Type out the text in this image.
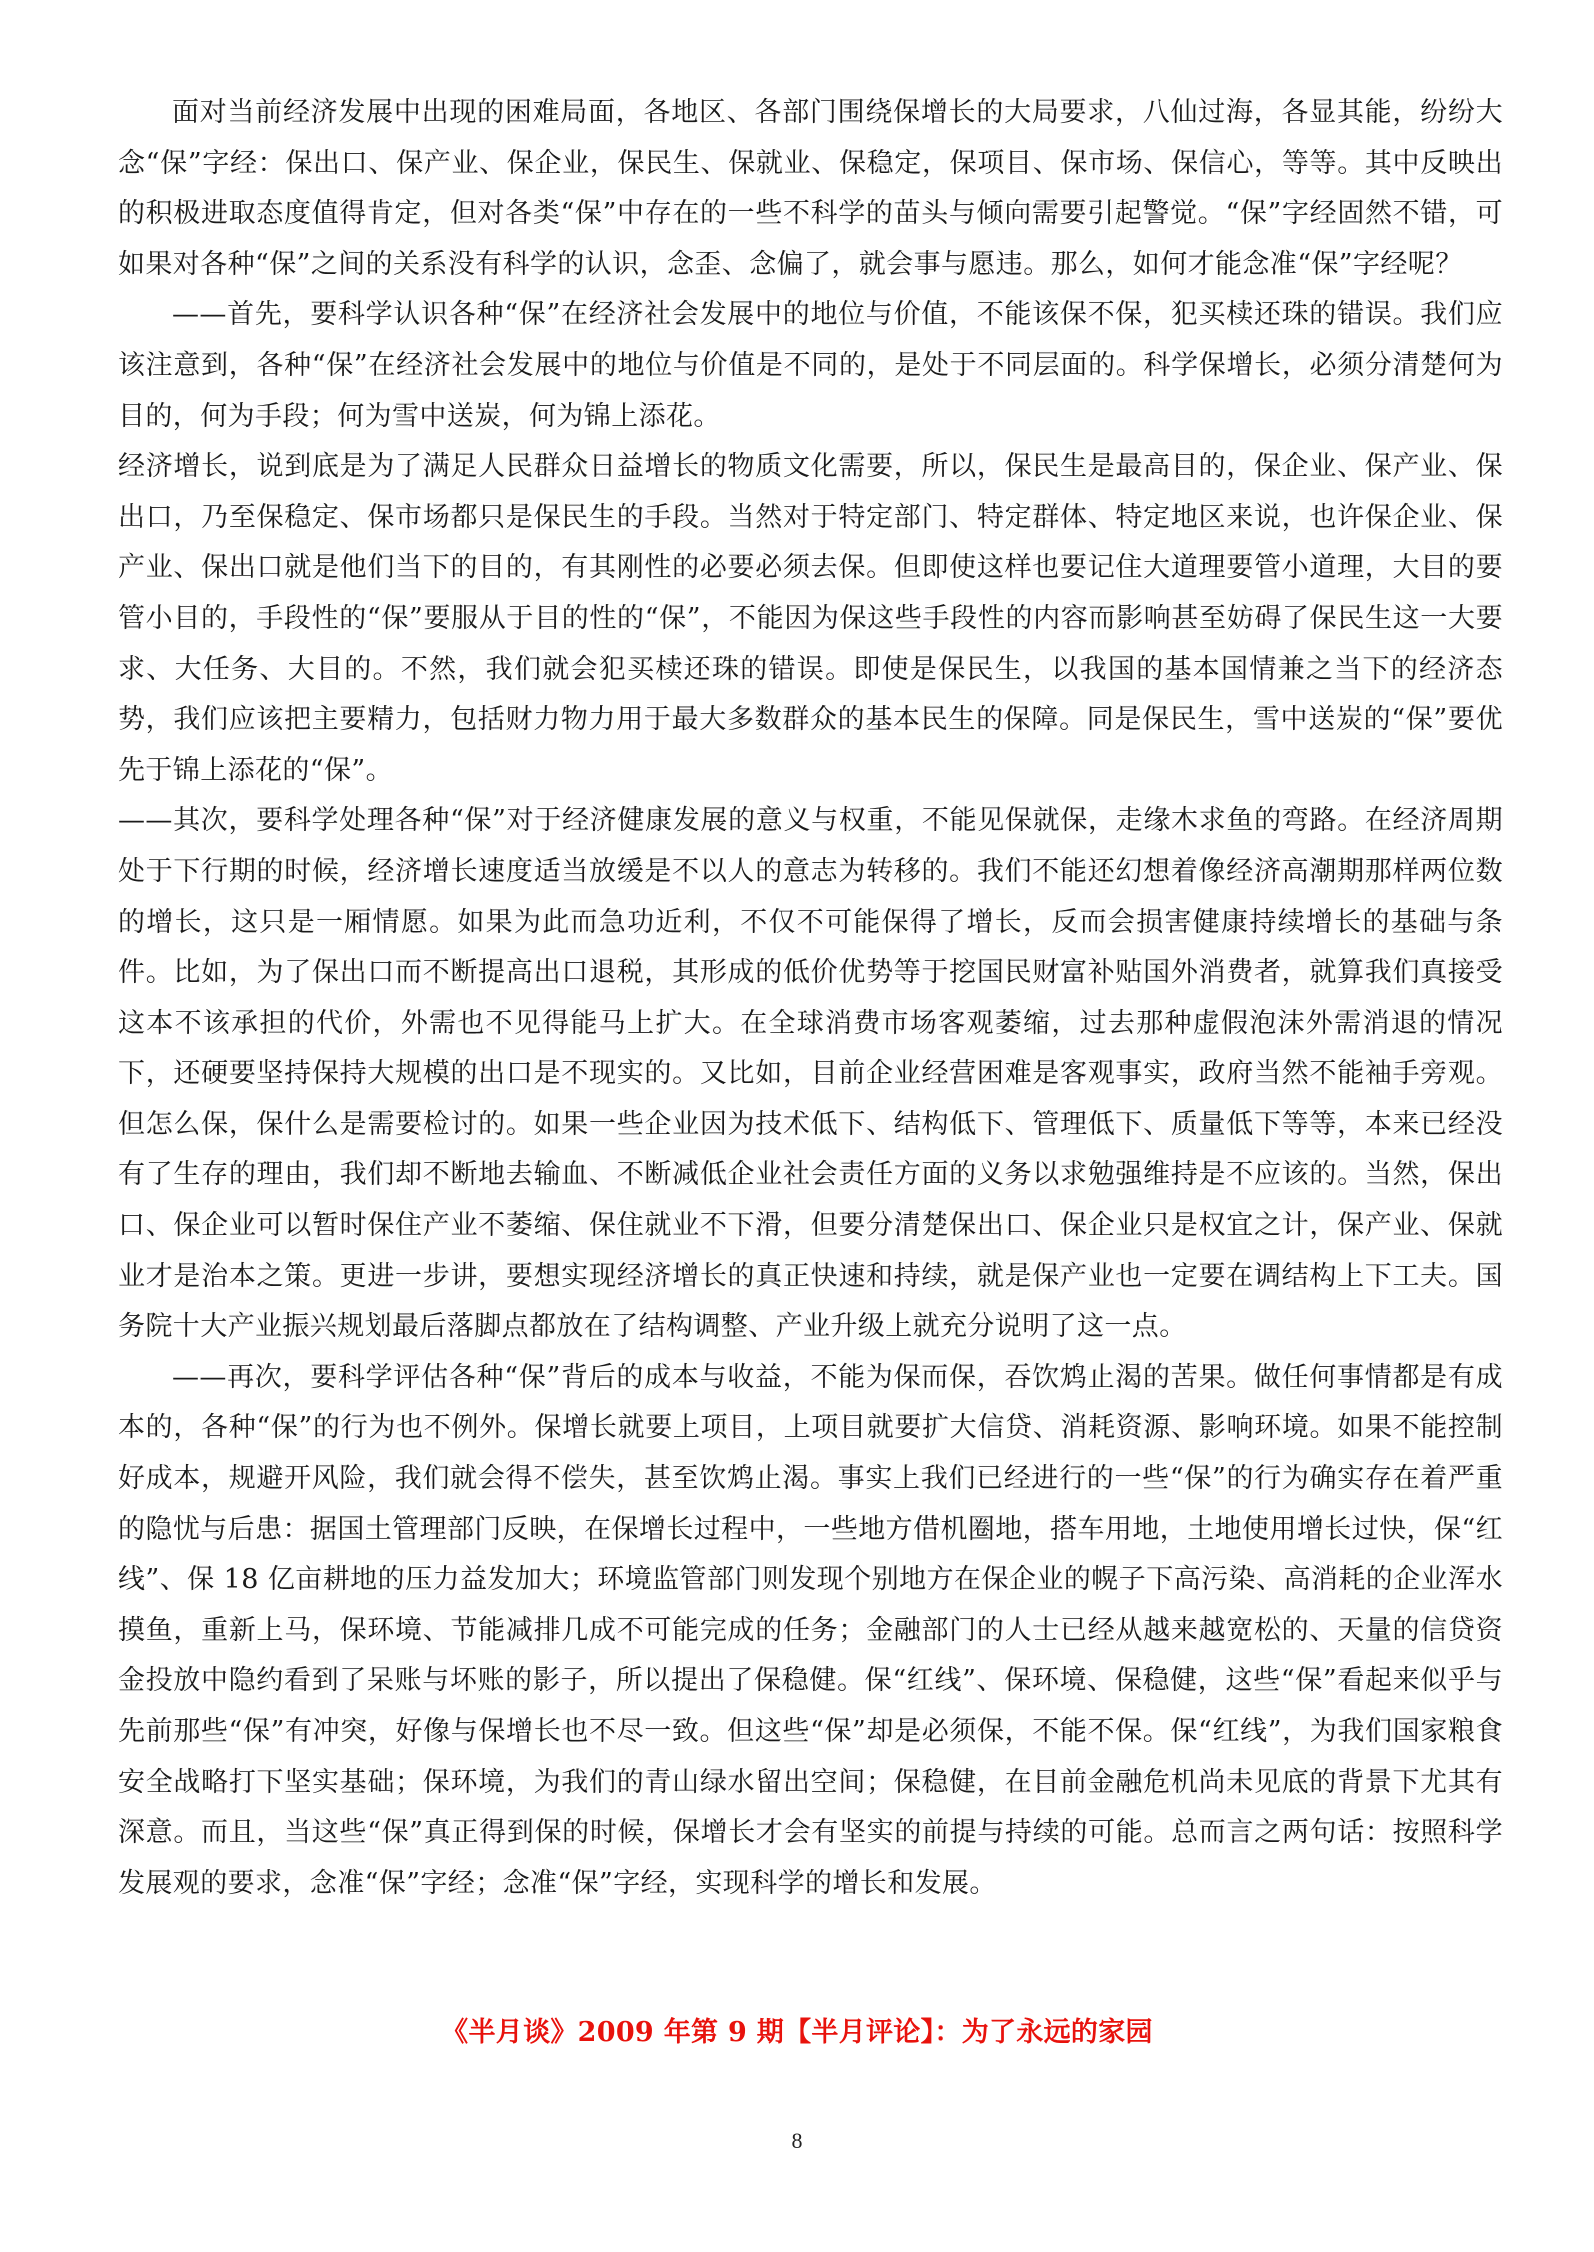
面对当前经济发展中出现的困难局面，各地区、各部门围绕保增长的大局要求，八仙过海，各显其能，纷纷大念“保”字经：保出口、保产业、保企业，保民生、保就业、保稳定，保项目、保市场、保信心，等等。其中反映出的积极进取态度值得肯定，但对各类“保”中存在的一些不科学的苗头与倾向需要引起警觉。“保”字经固然不错，可如果对各种“保”之间的关系没有科学的认识，念歪、念偏了，就会事与愿违。那么，如何才能念准“保”字经呢？

——首先，要科学认识各种“保”在经济社会发展中的地位与价值，不能该保不保，犯买椟还珠的错误。我们应该注意到，各种“保”在经济社会发展中的地位与价值是不同的，是处于不同层面的。科学保增长，必须分清楚何为目的，何为手段；何为雪中送炭，何为锦上添花。

经济增长，说到底是为了满足人民群众日益增长的物质文化需要，所以，保民生是最高目的，保企业、保产业、保出口，乃至保稳定、保市场都只是保民生的手段。当然对于特定部门、特定群体、特定地区来说，也许保企业、保产业、保出口就是他们当下的目的，有其刚性的必要必须去保。但即使这样也要记住大道理要管小道理，大目的要管小目的，手段性的“保”要服从于目的性的“保”，不能因为保这些手段性的内容而影响甚至妨碍了保民生这一大要求、大任务、大目的。不然，我们就会犯买椟还珠的错误。即使是保民生，以我国的基本国情兼之当下的经济态势，我们应该把主要精力，包括财力物力用于最大多数群众的基本民生的保障。同是保民生，雪中送炭的“保”要优先于锦上添花的“保”。

——其次，要科学处理各种“保”对于经济健康发展的意义与权重，不能见保就保，走缘木求鱼的弯路。在经济周期处于下行期的时候，经济增长速度适当放缓是不以人的意志为转移的。我们不能还幻想着像经济高潮期那样两位数的增长，这只是一厢情愿。如果为此而急功近利，不仅不可能保得了增长，反而会损害健康持续增长的基础与条件。比如，为了保出口而不断提高出口退税，其形成的低价优势等于挖国民财富补贴国外消费者，就算我们真接受这本不该承担的代价，外需也不见得能马上扩大。在全球消费市场客观萎缩，过去那种虚假泡沫外需消退的情况下，还硬要坚持保持大规模的出口是不现实的。又比如，目前企业经营困难是客观事实，政府当然不能袖手旁观。但怎么保，保什么是需要检讨的。如果一些企业因为技术低下、结构低下、管理低下、质量低下等等，本来已经没有了生存的理由，我们却不断地去输血、不断减低企业社会责任方面的义务以求勉强维持是不应该的。当然，保出口、保企业可以暂时保住产业不萎缩、保住就业不下滑，但要分清楚保出口、保企业只是权宜之计，保产业、保就业才是治本之策。更进一步讲，要想实现经济增长的真正快速和持续，就是保产业也一定要在调结构上下工夫。国务院十大产业振兴规划最后落脚点都放在了结构调整、产业升级上就充分说明了这一点。

——再次，要科学评估各种“保”背后的成本与收益，不能为保而保，吞饮鸩止渴的苦果。做任何事情都是有成本的，各种“保”的行为也不例外。保增长就要上项目，上项目就要扩大信贷、消耗资源、影响环境。如果不能控制好成本，规避开风险，我们就会得不偿失，甚至饮鸩止渴。事实上我们已经进行的一些“保”的行为确实存在着严重的隐忧与后患：据国土管理部门反映，在保增长过程中，一些地方借机圈地，搭车用地，土地使用增长过快，保“红线”、保 18 亿亩耕地的压力益发加大；环境监管部门则发现个别地方在保企业的幌子下高污染、高消耗的企业浑水摸鱼，重新上马，保环境、节能减排几成不可能完成的任务；金融部门的人士已经从越来越宽松的、天量的信贷资金投放中隐约看到了呆账与坏账的影子，所以提出了保稳健。保“红线”、保环境、保稳健，这些“保”看起来似乎与先前那些“保”有冲突，好像与保增长也不尽一致。但这些“保”却是必须保，不能不保。保“红线”，为我们国家粮食安全战略打下坚实基础；保环境，为我们的青山绿水留出空间；保稳健，在目前金融危机尚未见底的背景下尤其有深意。而且，当这些“保”真正得到保的时候，保增长才会有坚实的前提与持续的可能。总而言之两句话：按照科学发展观的要求，念准“保”字经；念准“保”字经，实现科学的增长和发展。

《半月谈》2009 年第 9 期【半月评论】：为了永远的家园
8
